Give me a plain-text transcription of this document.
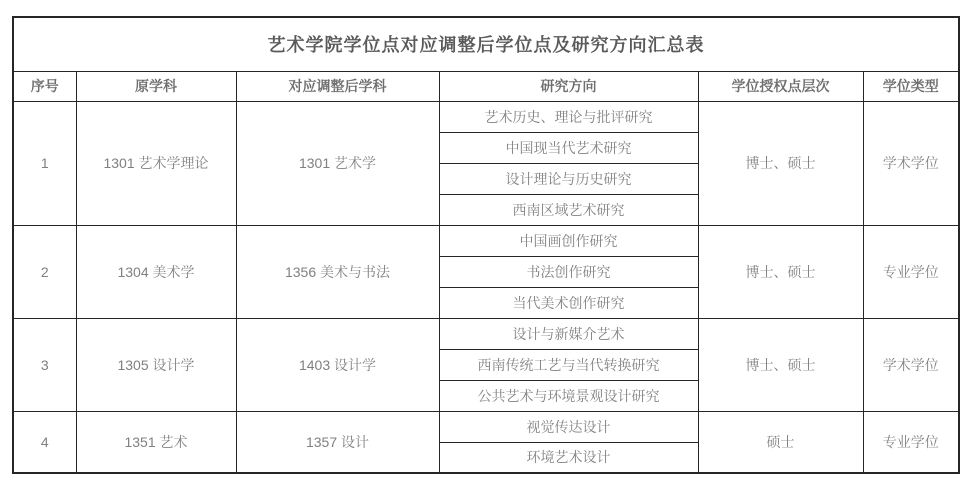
艺术学院学位点对应调整后学位点及研究方向汇总表					
序号	原学科	对应调整后学科	研究方向	学位授权点层次	学位类型
1	1301 艺术学理论	1301 艺术学	艺术历史、理论与批评研究	博士、硕士	学术学位
			中国现当代艺术研究		
			设计理论与历史研究		
			西南区域艺术研究		
2	1304 美术学	1356 美术与书法	中国画创作研究	博士、硕士	专业学位
			书法创作研究		
			当代美术创作研究		
3	1305 设计学	1403 设计学	设计与新媒介艺术	博士、硕士	学术学位
			西南传统工艺与当代转换研究		
			公共艺术与环境景观设计研究		
4	1351 艺术	1357 设计	视觉传达设计	硕士	专业学位
			环境艺术设计		
